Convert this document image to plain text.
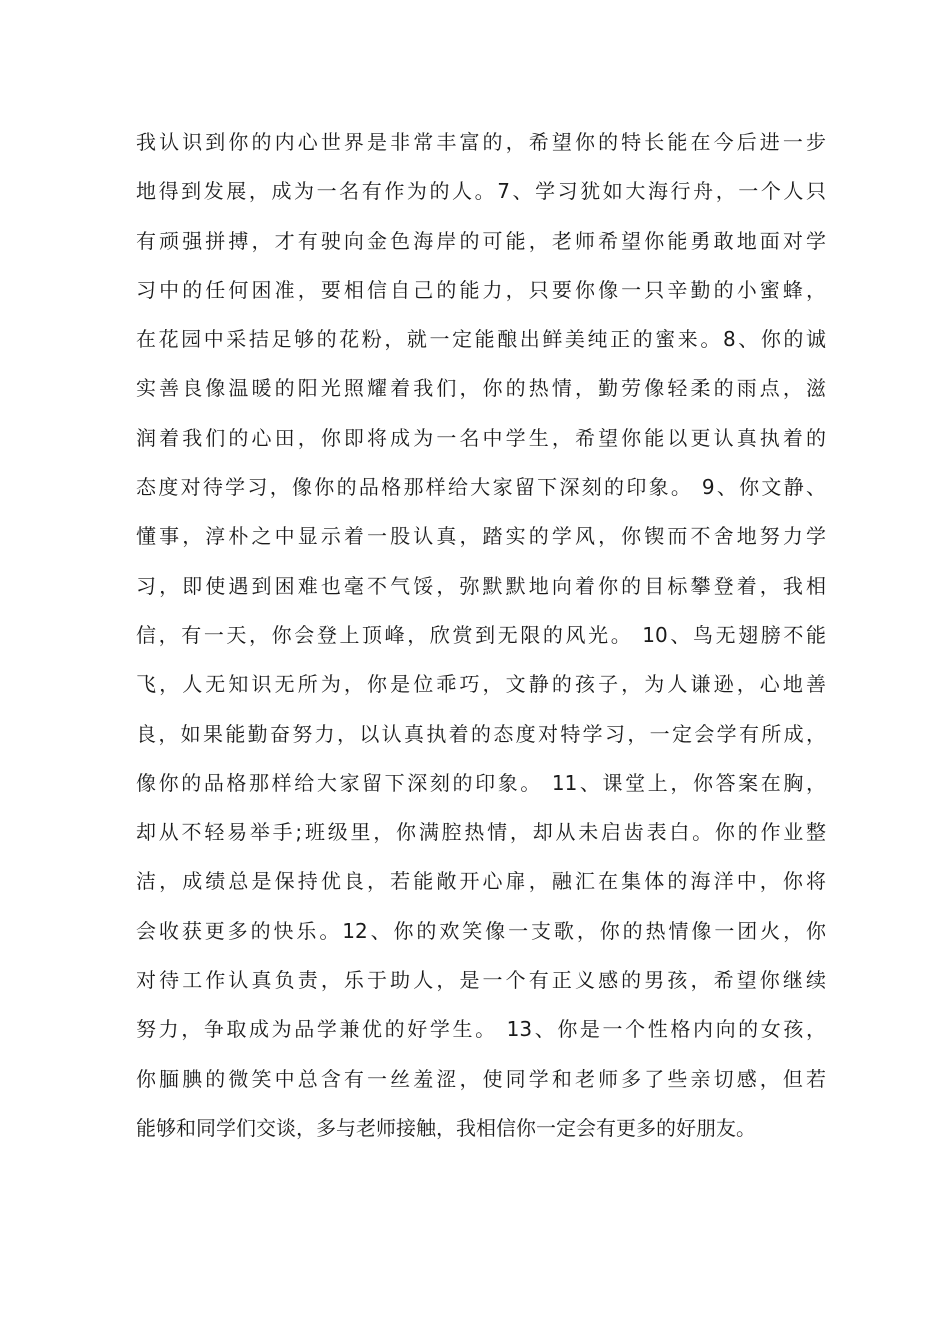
我认识到你的内心世界是非常丰富的，希望你的特长能在今后进一步
地得到发展，成为一名有作为的人。7、学习犹如大海行舟，一个人只
有顽强拼搏，才有驶向金色海岸的可能，老师希望你能勇敢地面对学
习中的任何困准，要相信自己的能力，只要你像一只辛勤的小蜜蜂，
在花园中采拮足够的花粉，就一定能酿出鲜美纯正的蜜来。8、你的诚
实善良像温暖的阳光照耀着我们，你的热情，勤劳像轻柔的雨点，滋
润着我们的心田，你即将成为一名中学生，希望你能以更认真执着的
态度对待学习，像你的品格那样给大家留下深刻的印象。 9、你文静、
懂事，淳朴之中显示着一股认真，踏实的学风，你锲而不舍地努力学
习，即使遇到困难也毫不气馁，弥默默地向着你的目标攀登着，我相
信，有一天，你会登上顶峰，欣赏到无限的风光。 10、鸟无翅膀不能
飞，人无知识无所为，你是位乖巧，文静的孩子，为人谦逊，心地善
良，如果能勤奋努力，以认真执着的态度对特学习，一定会学有所成，
像你的品格那样给大家留下深刻的印象。 11、课堂上，你答案在胸，
却从不轻易举手;班级里，你满腔热情，却从未启齿表白。你的作业整
洁，成绩总是保持优良，若能敞开心扉，融汇在集体的海洋中，你将
会收获更多的快乐。12、你的欢笑像一支歌，你的热情像一团火，你
对待工作认真负责，乐于助人，是一个有正义感的男孩，希望你继续
努力，争取成为品学兼优的好学生。 13、你是一个性格内向的女孩，
你腼腆的微笑中总含有一丝羞涩，使同学和老师多了些亲切感，但若
能够和同学们交谈，多与老师接触，我相信你一定会有更多的好朋友。
